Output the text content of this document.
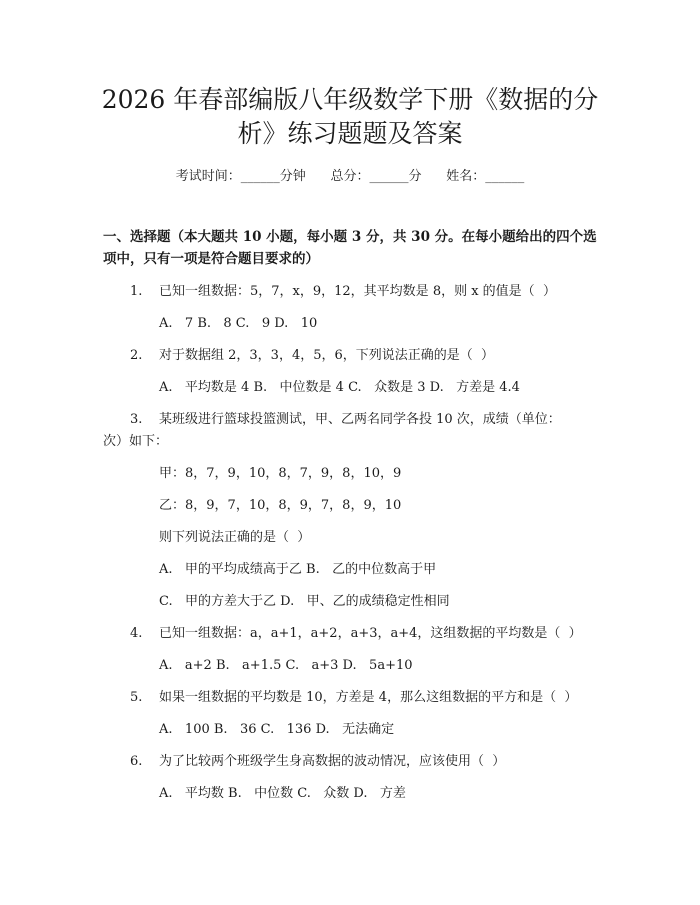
2026 年春部编版八年级数学下册《数据的分
析》练习题题及答案
考试时间：______分钟      总分：______分      姓名：______
一、选择题（本大题共 10 小题，每小题 3 分，共 30 分。在每小题给出的四个选项中，只有一项是符合题目要求的）
1. 已知一组数据：5，7，x，9，12，其平均数是 8，则 x 的值是（  ）
A.   7 B.   8 C.   9 D.   10
2. 对于数据组 2，3，3，4，5，6，下列说法正确的是（  ）
A.   平均数是 4 B.   中位数是 4 C.   众数是 3 D.   方差是 4.4
3. 某班级进行篮球投篮测试，甲、乙两名同学各投 10 次，成绩（单位：
次）如下：
甲：8，7，9，10，8，7，9，8，10，9
乙：8，9，7，10，8，9，7，8，9，10
则下列说法正确的是（  ）
A.   甲的平均成绩高于乙 B.   乙的中位数高于甲
C.   甲的方差大于乙 D.   甲、乙的成绩稳定性相同
4. 已知一组数据：a，a+1，a+2，a+3，a+4，这组数据的平均数是（  ）
A.   a+2 B.   a+1.5 C.   a+3 D.   5a+10
5. 如果一组数据的平均数是 10，方差是 4，那么这组数据的平方和是（  ）
A.   100 B.   36 C.   136 D.   无法确定
6. 为了比较两个班级学生身高数据的波动情况，应该使用（  ）
A.   平均数 B.   中位数 C.   众数 D.   方差
